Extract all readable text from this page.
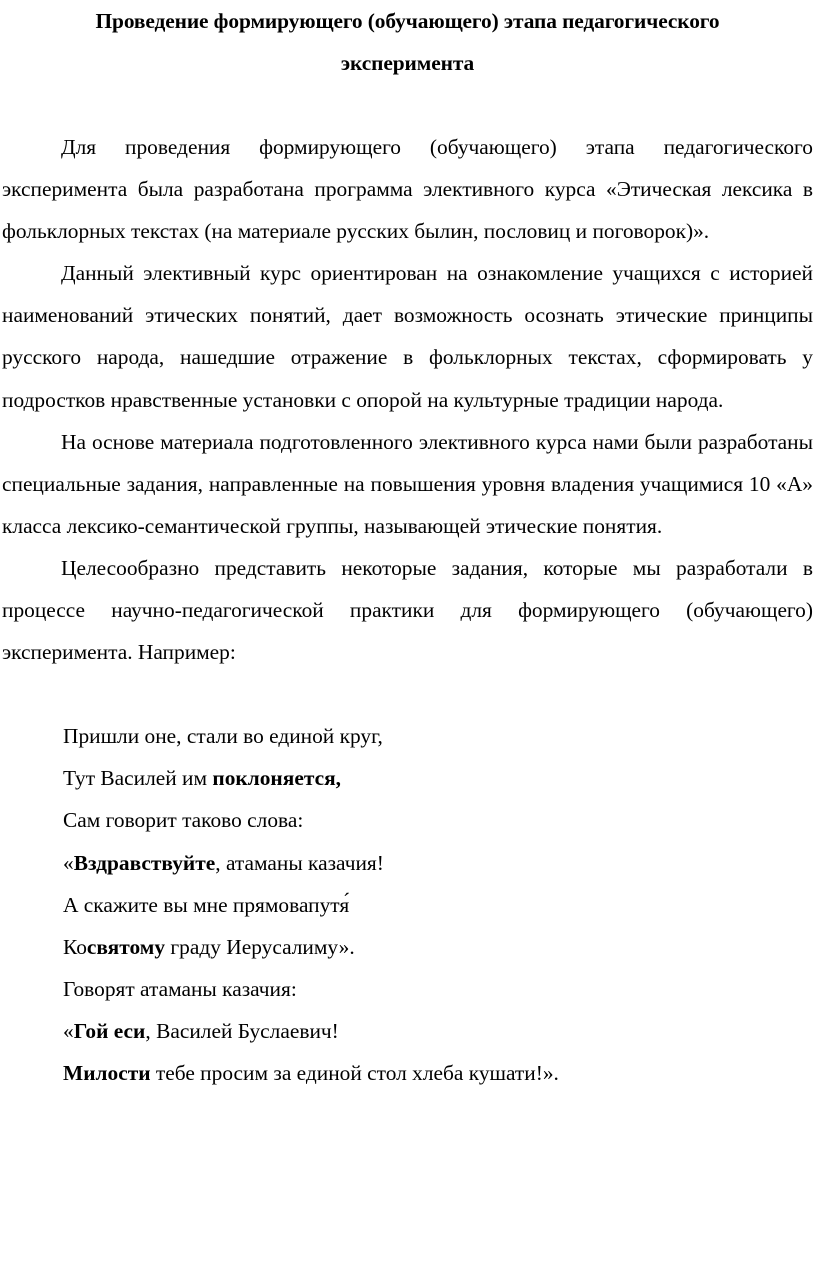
Проведение формирующего (обучающего) этапа педагогического

эксперимента

Для проведения формирующего (обучающего) этапа педагогического эксперимента была разработана программа элективного курса «Этическая лексика в фольклорных текстах (на материале русских былин, пословиц и поговорок)».

Данный элективный курс ориентирован на ознакомление учащихся с историей наименований этических понятий, дает возможность осознать этические принципы русского народа, нашедшие отражение в фольклорных текстах, сформировать у подростков нравственные установки с опорой на культурные традиции народа.

На основе материала подготовленного элективного курса нами были разработаны специальные задания, направленные на повышения уровня владения учащимися 10 «А» класса лексико-семантической группы, называющей этические понятия.

Целесообразно представить некоторые задания, которые мы разработали в процессе научно-педагогической практики для формирующего (обучающего) эксперимента. Например:

Пришли оне, стали во единой круг,
Тут Василей им поклоняется,
Сам говорит таково слова:
«Вздравствуйте, атаманы казачия!
А скажите вы мне прямовапутя́
Косвятому граду Иерусалиму».
Говорят атаманы казачия:
«Гой еси, Василей Буслаевич!
Милости тебе просим за единой стол хлеба кушати!».
